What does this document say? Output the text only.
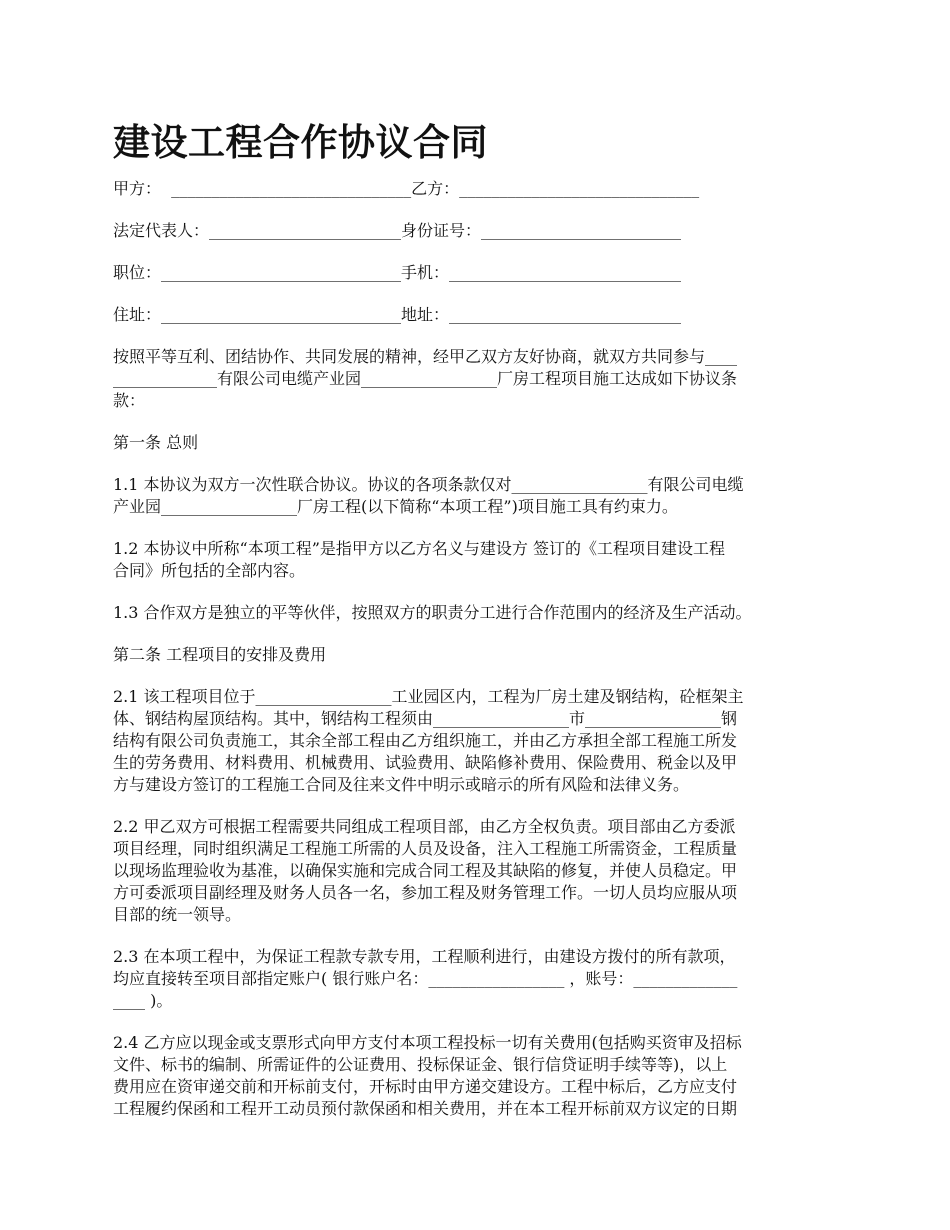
建设工程合作协议合同
甲方：  ______________________________乙方：______________________________
法定代表人：________________________身份证号：_________________________
职位：______________________________手机：_____________________________
住址：______________________________地址：_____________________________
按照平等互利、团结协作、共同发展的精神，经甲乙双方友好协商，就双方共同参与____
_____________有限公司电缆产业园_________________厂房工程项目施工达成如下协议条
款：
第一条 总则
1.1 本协议为双方一次性联合协议。协议的各项条款仅对_________________有限公司电缆
产业园_________________厂房工程(以下简称“本项工程”)项目施工具有约束力。
1.2 本协议中所称“本项工程”是指甲方以乙方名义与建设方 签订的《工程项目建设工程
合同》所包括的全部内容。
1.3 合作双方是独立的平等伙伴，按照双方的职责分工进行合作范围内的经济及生产活动。
第二条 工程项目的安排及费用
2.1 该工程项目位于_________________工业园区内，工程为厂房土建及钢结构，砼框架主
体、钢结构屋顶结构。其中，钢结构工程须由_________________市_________________钢
结构有限公司负责施工，其余全部工程由乙方组织施工，并由乙方承担全部工程施工所发
生的劳务费用、材料费用、机械费用、试验费用、缺陷修补费用、保险费用、税金以及甲
方与建设方签订的工程施工合同及往来文件中明示或暗示的所有风险和法律义务。
2.2 甲乙双方可根据工程需要共同组成工程项目部，由乙方全权负责。项目部由乙方委派
项目经理，同时组织满足工程施工所需的人员及设备，注入工程施工所需资金，工程质量
以现场监理验收为基准，以确保实施和完成合同工程及其缺陷的修复，并使人员稳定。甲
方可委派项目副经理及财务人员各一名，参加工程及财务管理工作。一切人员均应服从项
目部的统一领导。
2.3 在本项工程中，为保证工程款专款专用，工程顺利进行，由建设方拨付的所有款项，
均应直接转至项目部指定账户( 银行账户名：_________________ ，账号：_____________
____ )。
2.4 乙方应以现金或支票形式向甲方支付本项工程投标一切有关费用(包括购买资审及招标
文件、标书的编制、所需证件的公证费用、投标保证金、银行信贷证明手续等等)，以上
费用应在资审递交前和开标前支付，开标时由甲方递交建设方。工程中标后，乙方应支付
工程履约保函和工程开工动员预付款保函和相关费用，并在本工程开标前双方议定的日期
